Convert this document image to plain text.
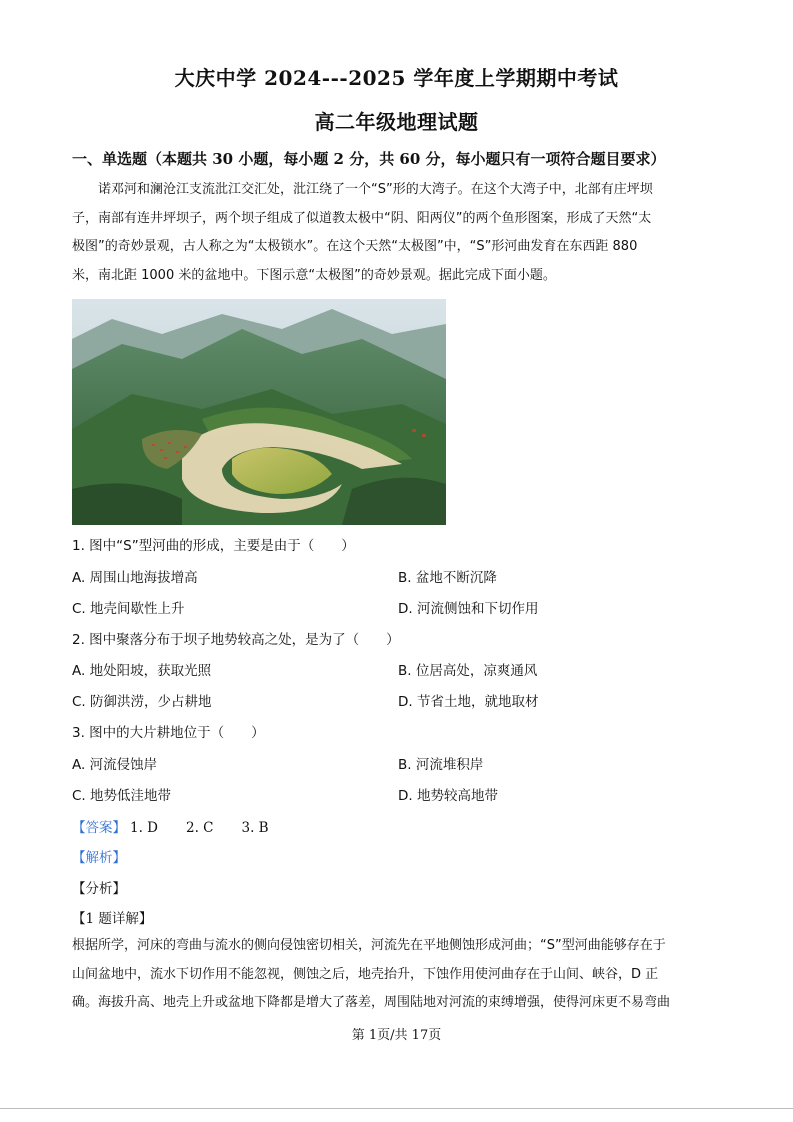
大庆中学 2024---2025 学年度上学期期中考试
高二年级地理试题
一、单选题（本题共 30 小题，每小题 2 分，共 60 分，每小题只有一项符合题目要求）
诺邓河和澜沧江支流沘江交汇处，沘江绕了一个“S”形的大湾子。在这个大湾子中，北部有庄坪坝
子，南部有连井坪坝子，两个坝子组成了似道教太极中“阴、阳两仪”的两个鱼形图案，形成了天然“太
极图”的奇妙景观，古人称之为“太极锁水”。在这个天然“太极图”中，“S”形河曲发育在东西距 880
米，南北距 1000 米的盆地中。下图示意“太极图”的奇妙景观。据此完成下面小题。
1. 图中“S”型河曲的形成，主要是由于（　　）
A. 周围山地海拔增高	B. 盆地不断沉降
C. 地壳间歇性上升	D. 河流侧蚀和下切作用
2. 图中聚落分布于坝子地势较高之处，是为了（　　）
A. 地处阳坡，获取光照	B. 位居高处，凉爽通风
C. 防御洪涝，少占耕地	D. 节省土地，就地取材
3. 图中的大片耕地位于（　　）
A. 河流侵蚀岸	B. 河流堆积岸
C. 地势低洼地带	D. 地势较高地带
【答案】 1. D 2. C 3. B
【解析】
【分析】
【1 题详解】
根据所学，河床的弯曲与流水的侧向侵蚀密切相关，河流先在平地侧蚀形成河曲；“S”型河曲能够存在于
山间盆地中，流水下切作用不能忽视，侧蚀之后，地壳抬升，下蚀作用使河曲存在于山间、峡谷，D 正
确。海拔升高、地壳上升或盆地下降都是增大了落差，周围陆地对河流的束缚增强，使得河床更不易弯曲
第 1页/共 17页
